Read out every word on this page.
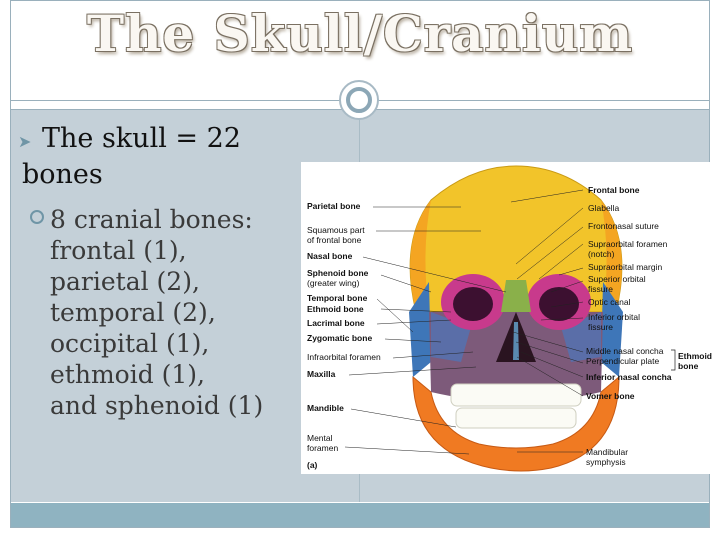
The Skull/Cranium
➤ The skull = 22 bones
8 cranial bones:
frontal (1),
parietal (2),
temporal (2),
occipital (1),
ethmoid (1),
and sphenoid (1)
Parietal bone
Squamous part
of frontal bone
Nasal bone
Sphenoid bone
(greater wing)
Temporal bone
Ethmoid bone
Lacrimal bone
Zygomatic bone
Infraorbital foramen
Maxilla
Mandible
Mental
foramen
(a)
Frontal bone
Glabella
Frontonasal suture
Supraorbital foramen
(notch)
Supraorbital margin
Superior orbital
fissure
Optic canal
Inferior orbital
fissure
Middle nasal concha
Perpendicular plate
Inferior nasal concha
Vomer bone
Mandibular
symphysis
Ethmoid
bone
